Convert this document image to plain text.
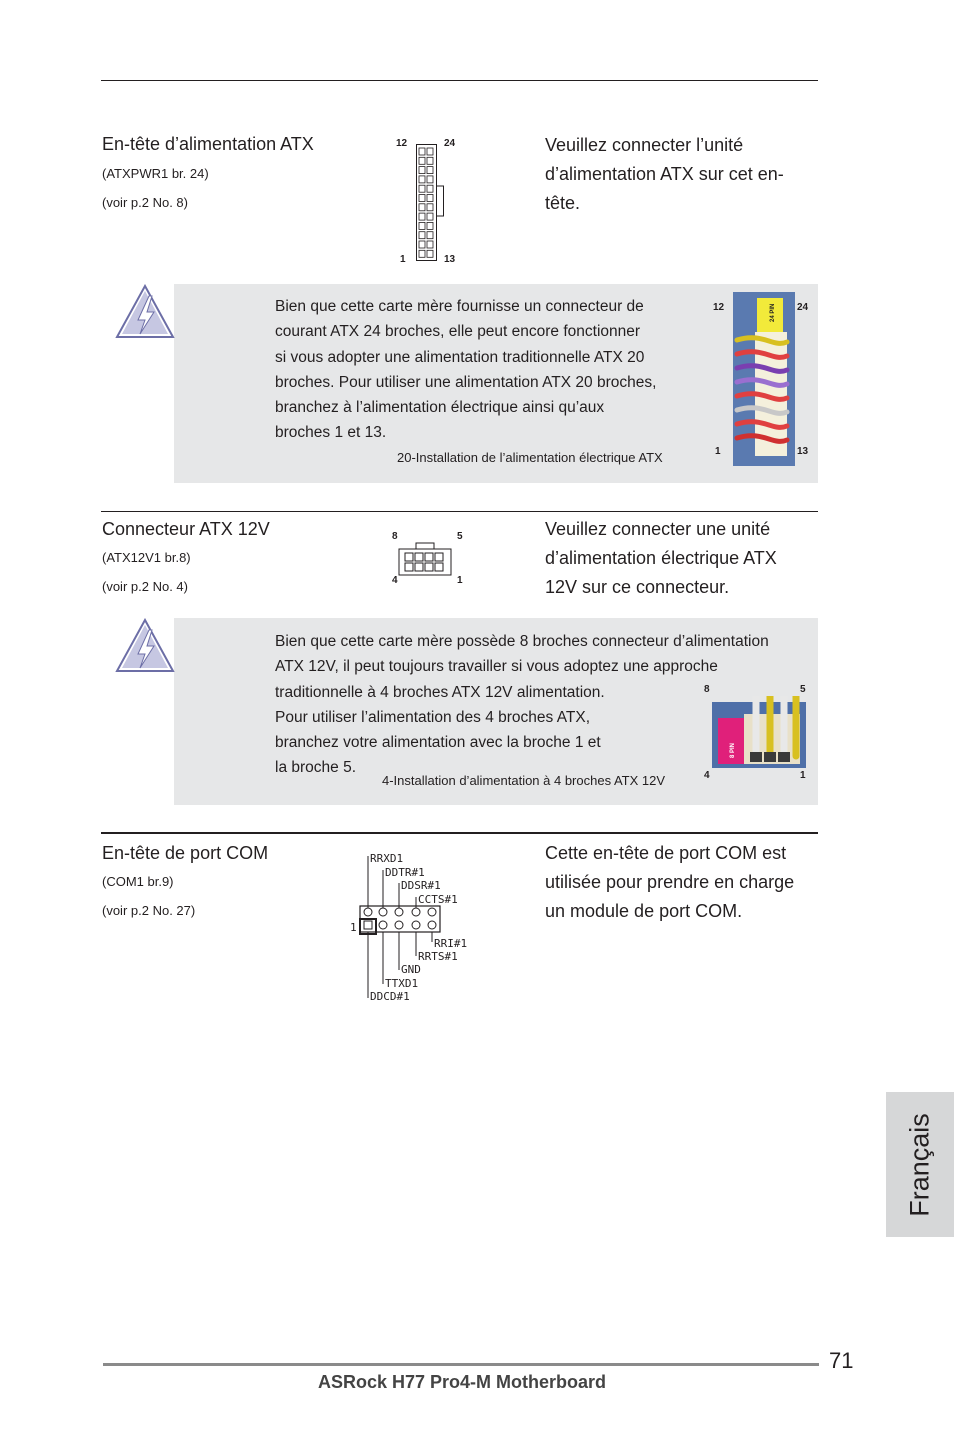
En-tête d’alimentation ATX
(ATXPWR1 br. 24)
(voir p.2 No. 8)
12	24
1	13
Veuillez connecter l’unité
d’alimentation ATX sur cet en-
tête.
Bien que cette carte mère fournisse un connecteur de
courant ATX 24 broches, elle peut encore fonctionner
si vous adopter une alimentation traditionnelle ATX 20
broches. Pour utiliser une alimentation ATX 20 broches,
branchez à l’alimentation électrique ainsi qu’aux
broches 1 et 13.
20-Installation de l’alimentation électrique ATX
12	24
24 PIN
1	13
Connecteur ATX 12V
(ATX12V1 br.8)
(voir p.2 No. 4)
8	5
4	1
Veuillez connecter une unité
d’alimentation électrique ATX
12V sur ce connecteur.
Bien que cette carte mère possède 8 broches connecteur d’alimentation
ATX 12V, il peut toujours travailler si vous adoptez une approche
traditionnelle à 4 broches ATX 12V alimentation.
Pour utiliser l’alimentation des 4 broches ATX,
branchez votre alimentation avec la broche 1 et
la broche 5.
4-Installation d’alimentation à 4 broches ATX 12V
8	5
8 PIN
4	1
En-tête de port COM
(COM1 br.9)
(voir p.2 No. 27)
RRXD1
DDTR#1
DDSR#1
CCTS#1
RRI#1
RRTS#1
GND
TTXD1
DDCD#1
1
Cette en-tête de port COM est
utilisée pour prendre en charge
un module de port COM.
Français
71
ASRock H77 Pro4-M Motherboard
